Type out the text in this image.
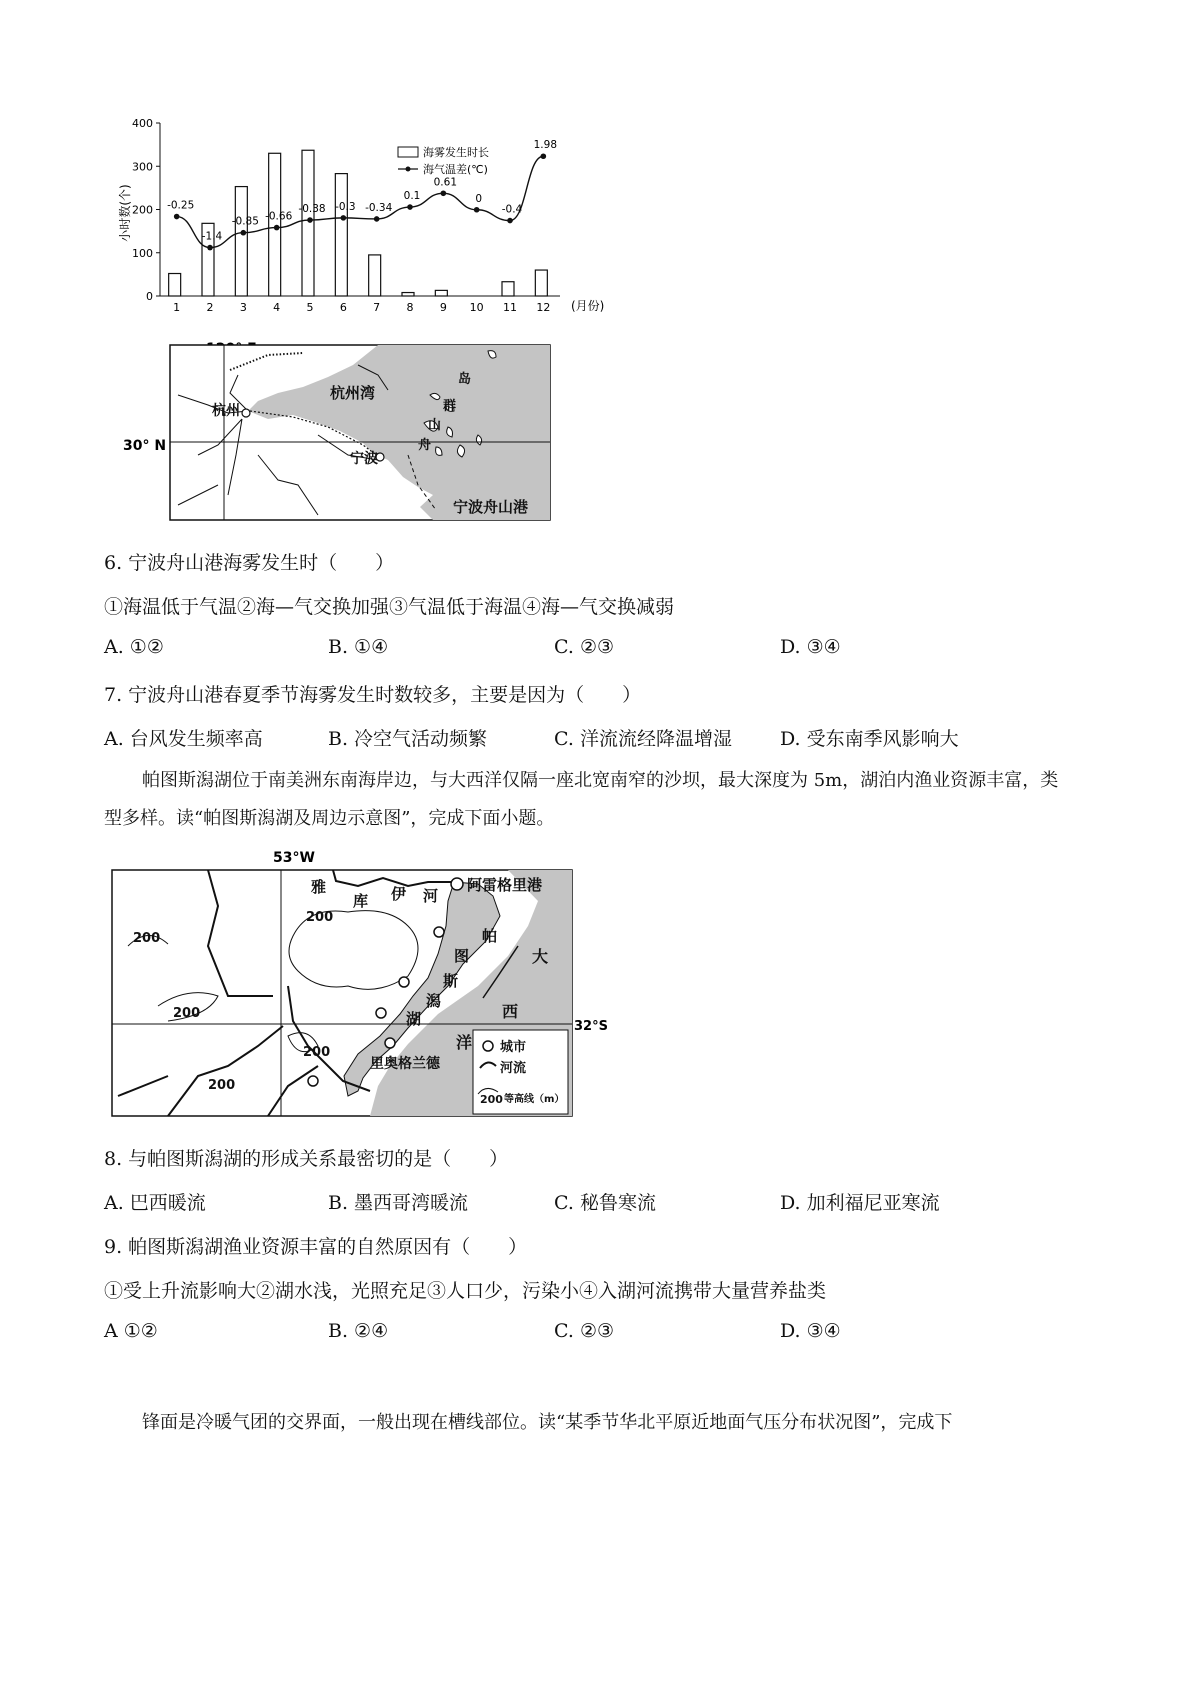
0
100
200
300
400
1 2 3 4 5 6 7 8 9 10 11 12
-0.25
-1.4
-0.85 -0.66
-0.38 -0.3 -0.34
0.1
0.61
0
-0.4
1.98
小时数(个)
(月份)
海雾发生时长
海气温差(℃)
30° N
杭州
杭州湾
宁波
宁波舟山港
岛
群
山
舟
6. 宁波舟山港海雾发生时（　　）
①海温低于气温②海—气交换加强③气温低于海温④海—气交换减弱
A. ①②	B. ①④	C. ②③	D. ③④
7. 宁波舟山港春夏季节海雾发生时数较多，主要是因为（　　）
A. 台风发生频率高	B. 冷空气活动频繁	C. 洋流流经降温增湿	D. 受东南季风影响大
帕图斯潟湖位于南美洲东南海岸边，与大西洋仅隔一座北宽南窄的沙坝，最大深度为 5m，湖泊内渔业资源丰富，类型多样。读“帕图斯潟湖及周边示意图”，完成下面小题。
53°W
32°S
雅
库 伊 河
阿雷格里港
200
200
200
200
200
帕
图
斯
潟
湖
大
西
洋
里奥格兰德
城市
河流
200 等高线（m）
8. 与帕图斯潟湖的形成关系最密切的是（　　）
A. 巴西暖流	B. 墨西哥湾暖流	C. 秘鲁寒流	D. 加利福尼亚寒流
9. 帕图斯潟湖渔业资源丰富的自然原因有（　　）
①受上升流影响大②湖水浅，光照充足③人口少，污染小④入湖河流携带大量营养盐类
A ①②	B. ②④	C. ②③	D. ③④
锋面是冷暖气团的交界面，一般出现在槽线部位。读“某季节华北平原近地面气压分布状况图”，完成下
